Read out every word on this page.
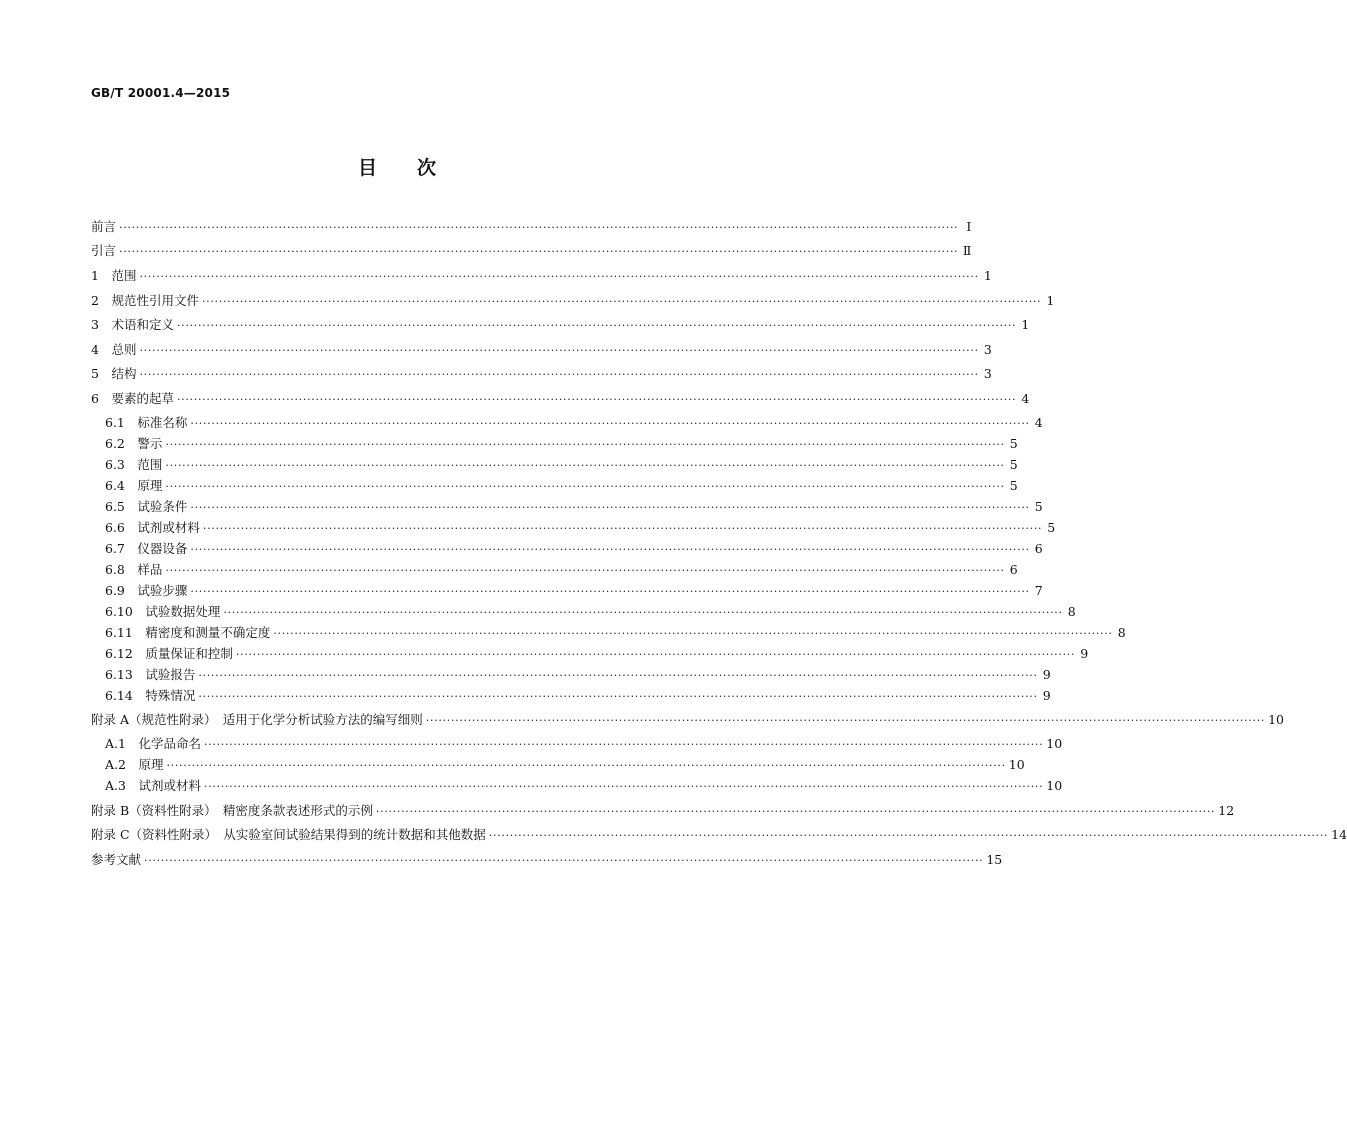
GB/T 20001.4—2015
目次
前言 ········································································································································································································ Ⅰ
引言 ········································································································································································································ Ⅱ
1　范围 ········································································································································································································ 1
2　规范性引用文件 ········································································································································································································ 1
3　术语和定义 ········································································································································································································ 1
4　总则 ········································································································································································································ 3
5　结构 ········································································································································································································ 3
6　要素的起草 ········································································································································································································ 4
6.1　标准名称 ········································································································································································································ 4
6.2　警示 ········································································································································································································ 5
6.3　范围 ········································································································································································································ 5
6.4　原理 ········································································································································································································ 5
6.5　试验条件 ········································································································································································································ 5
6.6　试剂或材料 ········································································································································································································ 5
6.7　仪器设备 ········································································································································································································ 6
6.8　样品 ········································································································································································································ 6
6.9　试验步骤 ········································································································································································································ 7
6.10　试验数据处理 ········································································································································································································ 8
6.11　精密度和测量不确定度 ········································································································································································································ 8
6.12　质量保证和控制 ········································································································································································································ 9
6.13　试验报告 ········································································································································································································ 9
6.14　特殊情况 ········································································································································································································ 9
附录 A（规范性附录）　适用于化学分析试验方法的编写细则 ········································································································································································································ 10
A.1　化学品命名 ········································································································································································································ 10
A.2　原理 ········································································································································································································ 10
A.3　试剂或材料 ········································································································································································································ 10
附录 B（资料性附录）　精密度条款表述形式的示例 ········································································································································································································ 12
附录 C（资料性附录）　从实验室间试验结果得到的统计数据和其他数据 ········································································································································································································ 14
参考文献 ········································································································································································································ 15
